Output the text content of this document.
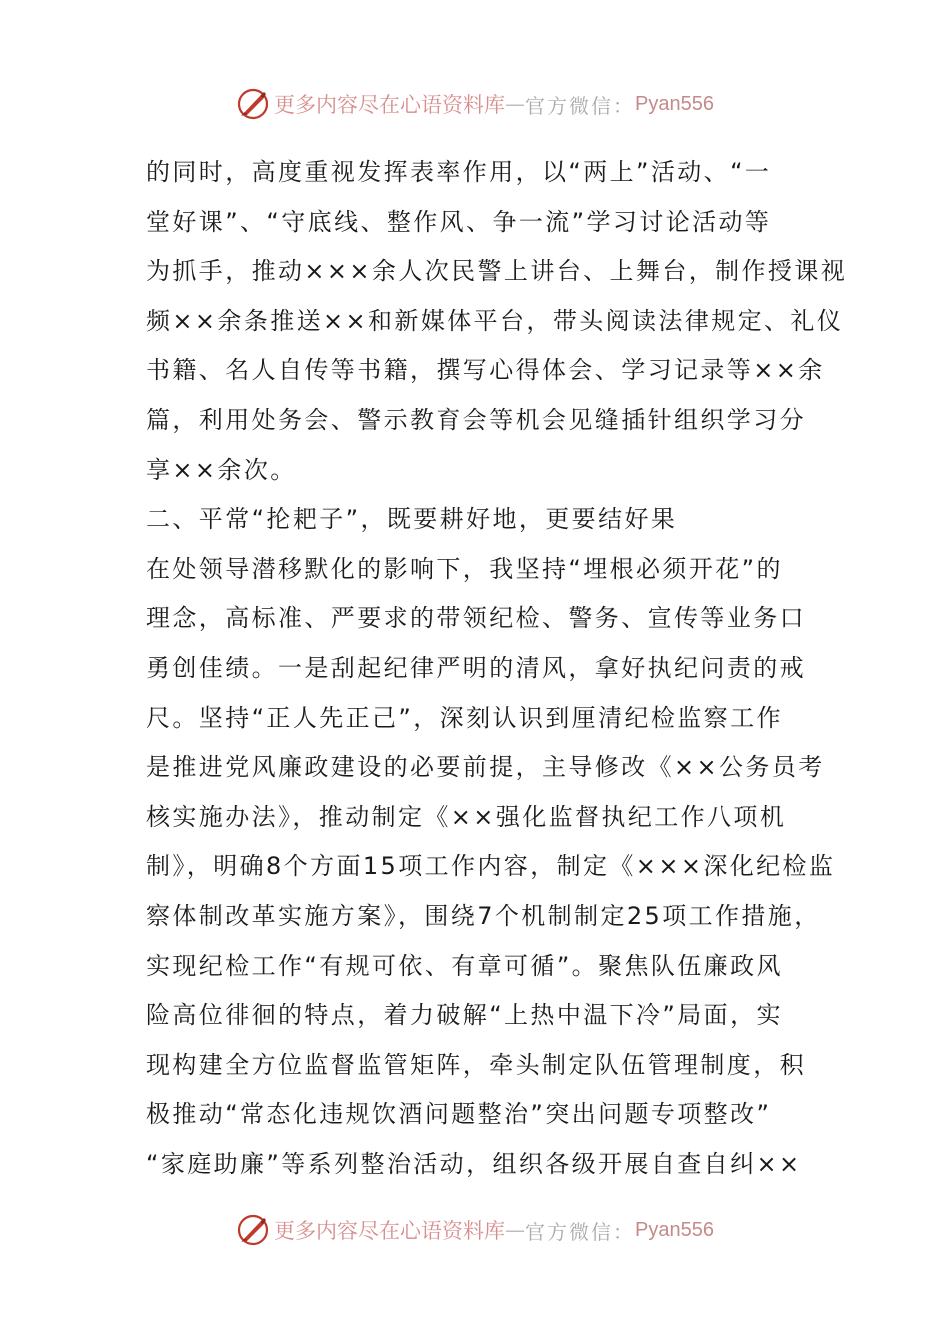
更多内容尽在心语资料库 — 官方微信： Pyan556
的同时，高度重视发挥表率作用，以“两上”活动、“一
堂好课”、“守底线、整作风、争一流”学习讨论活动等
为抓手，推动×××余人次民警上讲台、上舞台，制作授课视
频××余条推送××和新媒体平台，带头阅读法律规定、礼仪
书籍、名人自传等书籍，撰写心得体会、学习记录等××余
篇，利用处务会、警示教育会等机会见缝插针组织学习分
享××余次。
二、平常“抡耙子”，既要耕好地，更要结好果
在处领导潜移默化的影响下，我坚持“埋根必须开花”的
理念，高标准、严要求的带领纪检、警务、宣传等业务口
勇创佳绩。一是刮起纪律严明的清风，拿好执纪问责的戒
尺。坚持“正人先正己”，深刻认识到厘清纪检监察工作
是推进党风廉政建设的必要前提，主导修改《××公务员考
核实施办法》，推动制定《××强化监督执纪工作八项机
制》，明确8个方面15项工作内容，制定《×××深化纪检监
察体制改革实施方案》，围绕7个机制制定25项工作措施，
实现纪检工作“有规可依、有章可循”。聚焦队伍廉政风
险高位徘徊的特点，着力破解“上热中温下冷”局面，实
现构建全方位监督监管矩阵，牵头制定队伍管理制度，积
极推动“常态化违规饮酒问题整治”突出问题专项整改”
“家庭助廉”等系列整治活动，组织各级开展自查自纠××
更多内容尽在心语资料库 — 官方微信： Pyan556
